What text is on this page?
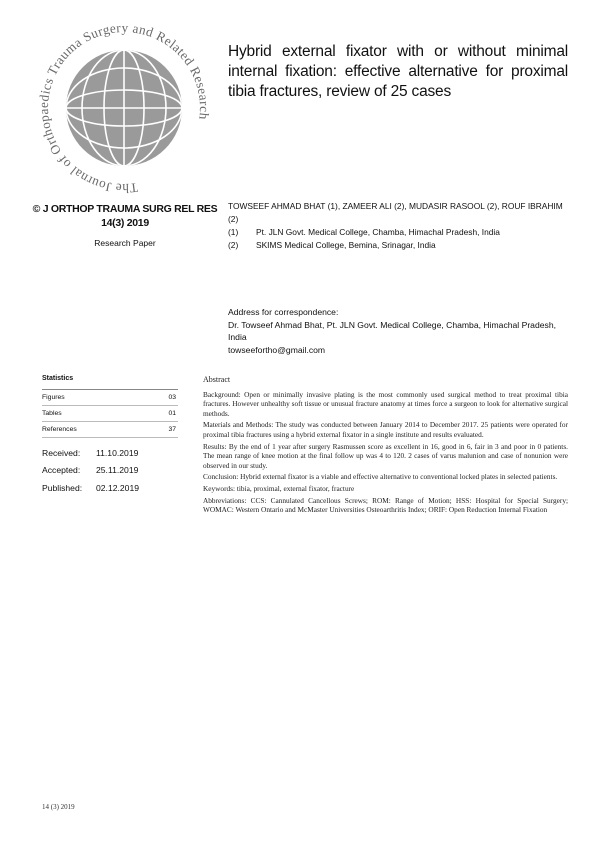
The Journal of Ortho ics Trauma Surgery and Related Rese
Hybrid external fixator with or without minimal internal fixation: effective alternative for proximal tibia fractures, review of 25 cases
© J ORTHOP TRAUMA SURG REL RES
14(3) 2019
Research Paper
TOWSEEF AHMAD BHAT (1), ZAMEER ALI (2), MUDASIR RASOOL (2), ROUF IBRAHIM (2)
(1)	Pt. JLN Govt. Medical College, Chamba, Himachal Pradesh, India
(2)	SKIMS Medical College, Bemina, Srinagar, India
Address for correspondence:
Dr. Towseef Ahmad Bhat, Pt. JLN Govt. Medical College, Chamba, Himachal Pradesh, India
towseefortho@gmail.com
Statistics
Figures	03
Tables	01
References	37
Received:	11.10.2019
Accepted:	25.11.2019
Published:	02.12.2019
Abstract
Background: Open or minimally invasive plating is the most commonly used surgical method to treat proximal tibia fractures. However unhealthy soft tissue or unusual fracture anatomy at times force a surgeon to look for alternative surgical methods.
Materials and Methods: The study was conducted between January 2014 to December 2017. 25 patients were operated for proximal tibia fractures using a hybrid external fixator in a single institute and results evaluated.
Results: By the end of 1 year after surgery Rasmussen score as excellent in 16, good in 6, fair in 3 and poor in 0 patients. The mean range of knee motion at the final follow up was 4 to 120. 2 cases of varus malunion and case of nonunion were observed in our study.
Conclusion: Hybrid external fixator is a viable and effective alternative to conventional locked plates in selected patients.
Keywords: tibia, proximal, external fixator, fracture
Abbreviations: CCS: Cannulated Cancellous Screws; ROM: Range of Motion; HSS: Hospital for Special Surgery; WOMAC: Western Ontario and McMaster Universities Osteoarthritis Index; ORIF: Open Reduction Internal Fixation
14 (3) 2019
